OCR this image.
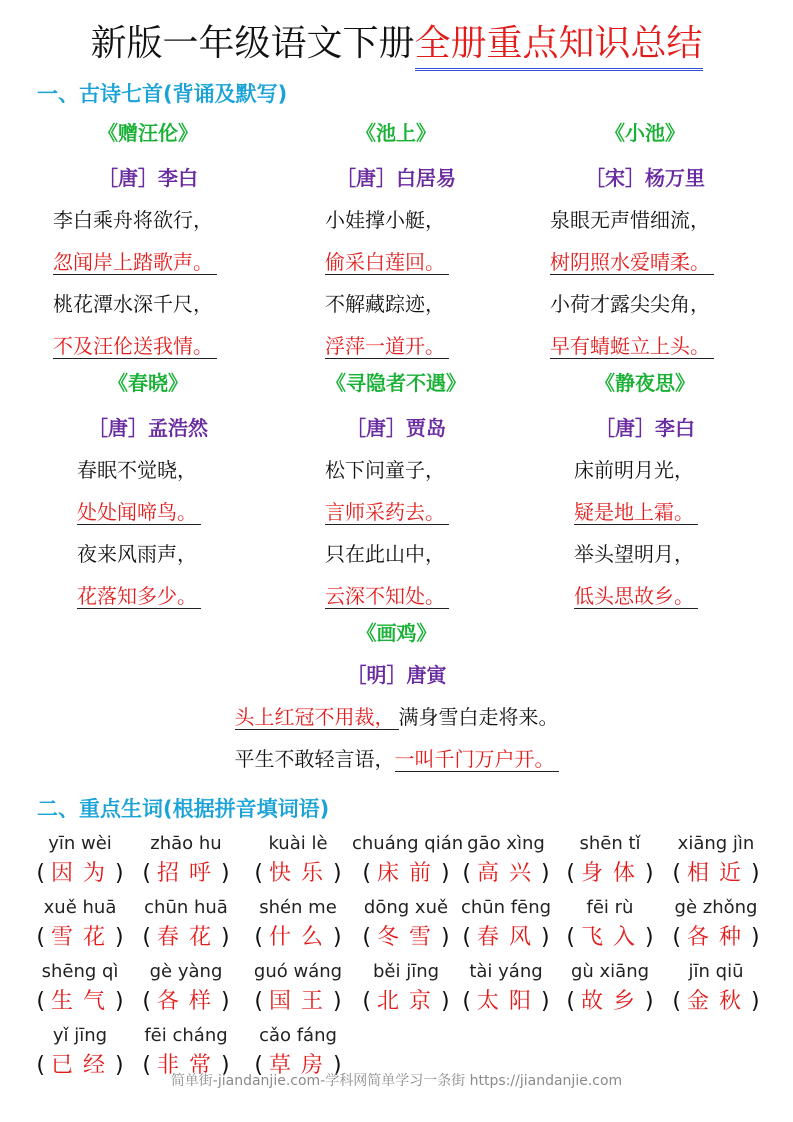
新版一年级语文下册全册重点知识总结
一、古诗七首(背诵及默写)
《赠汪伦》
［唐］李白
李白乘舟将欲行，
忽闻岸上踏歌声。
桃花潭水深千尺，
不及汪伦送我情。
《池上》
［唐］白居易
小娃撑小艇，
偷采白莲回。
不解藏踪迹，
浮萍一道开。
《小池》
［宋］杨万里
泉眼无声惜细流，
树阴照水爱晴柔。
小荷才露尖尖角，
早有蜻蜓立上头。
《春晓》
［唐］孟浩然
春眠不觉晓，
处处闻啼鸟。
夜来风雨声，
花落知多少。
《寻隐者不遇》
［唐］贾岛
松下问童子，
言师采药去。
只在此山中，
云深不知处。
《静夜思》
［唐］李白
床前明月光，
疑是地上霜。
举头望明月，
低头思故乡。
《画鸡》
［明］唐寅
头上红冠不用裁， 满身雪白走将来。
平生不敢轻言语，一叫千门万户开。
二、重点生词(根据拼音填词语)
yīn wèi
( 因为)
zhāo hu
( 招呼)
kuài lè
( 快乐)
chuáng qián
( 床前)
gāo xìng
( 高兴)
shēn tǐ
( 身体)
xiāng jìn
( 相近)
xuě huā
( 雪花)
chūn huā
( 春花)
shén me
( 什么)
dōng xuě
( 冬雪)
chūn fēng
( 春风)
fēi rù
( 飞入)
gè zhǒng
( 各种)
shēng qì
( 生气)
gè yàng
( 各样)
guó wáng
( 国王)
běi jīng
( 北京)
tài yáng
( 太阳)
gù xiāng
( 故乡)
jīn qiū
( 金秋)
yǐ jīng
( 已经)
fēi cháng
( 非常)
cǎo fáng
( 草房)
简单街-jiandanjie.com-学科网简单学习一条街 https://jiandanjie.com
